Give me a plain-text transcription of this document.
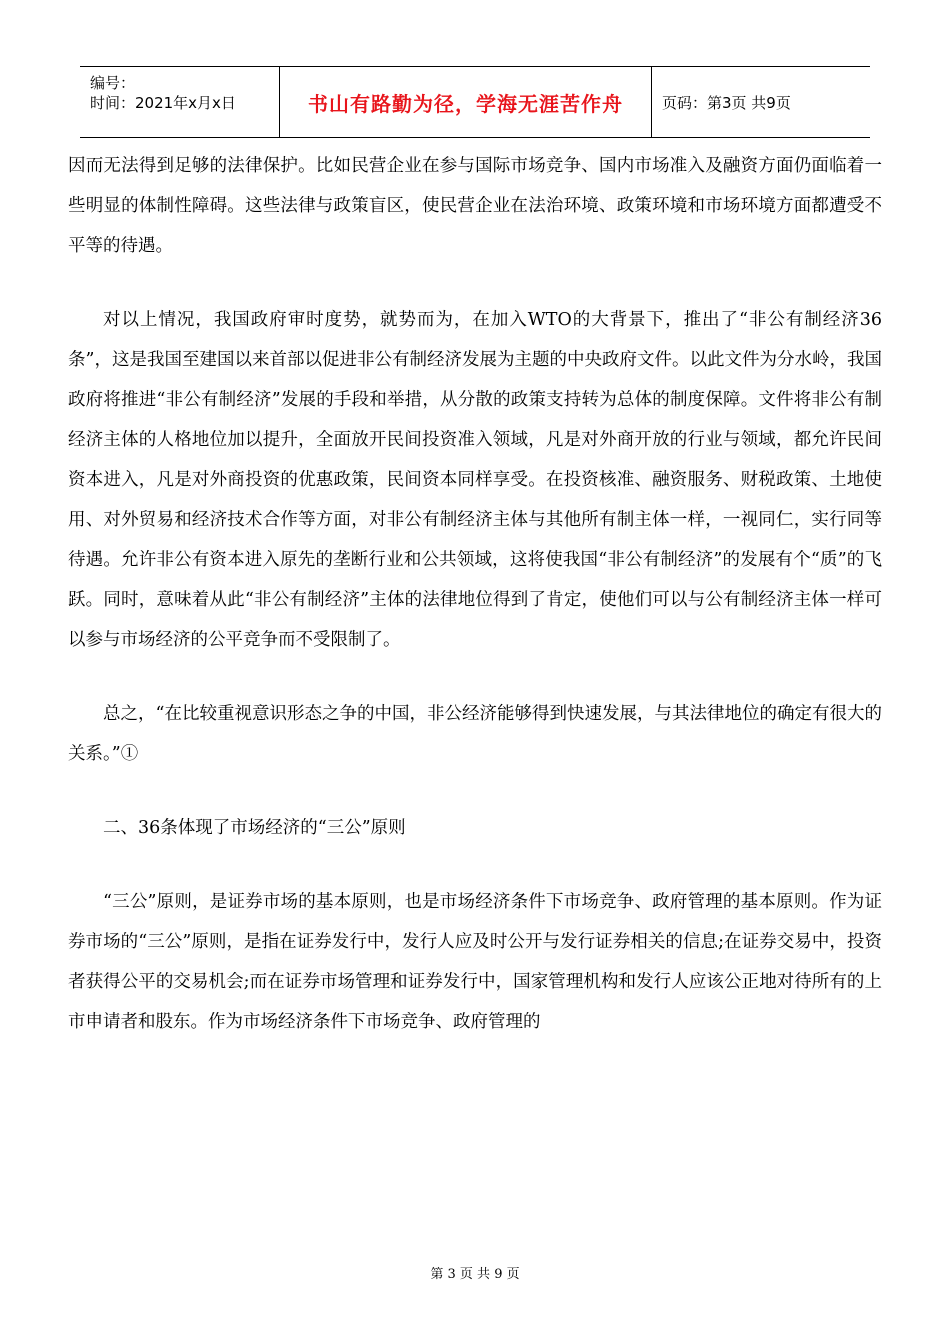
编号：
时间：2021年x月x日	书山有路勤为径，学海无涯苦作舟	页码：第3页 共9页

因而无法得到足够的法律保护。比如民营企业在参与国际市场竞争、国内市场准入及融资方面仍面临着一些明显的体制性障碍。这些法律与政策盲区，使民营企业在法治环境、政策环境和市场环境方面都遭受不平等的待遇。

对以上情况，我国政府审时度势，就势而为，在加入WTO的大背景下，推出了“非公有制经济36条”，这是我国至建国以来首部以促进非公有制经济发展为主题的中央政府文件。以此文件为分水岭，我国政府将推进“非公有制经济”发展的手段和举措，从分散的政策支持转为总体的制度保障。文件将非公有制经济主体的人格地位加以提升，全面放开民间投资准入领域，凡是对外商开放的行业与领域，都允许民间资本进入，凡是对外商投资的优惠政策，民间资本同样享受。在投资核准、融资服务、财税政策、土地使用、对外贸易和经济技术合作等方面，对非公有制经济主体与其他所有制主体一样，一视同仁，实行同等待遇。允许非公有资本进入原先的垄断行业和公共领域，这将使我国“非公有制经济”的发展有个“质”的飞跃。同时，意味着从此“非公有制经济”主体的法律地位得到了肯定，使他们可以与公有制经济主体一样可以参与市场经济的公平竞争而不受限制了。

总之，“在比较重视意识形态之争的中国，非公经济能够得到快速发展，与其法律地位的确定有很大的关系。”①

二、36条体现了市场经济的“三公”原则

“三公”原则，是证券市场的基本原则，也是市场经济条件下市场竞争、政府管理的基本原则。作为证券市场的“三公”原则，是指在证券发行中，发行人应及时公开与发行证券相关的信息;在证券交易中，投资者获得公平的交易机会;而在证券市场管理和证券发行中，国家管理机构和发行人应该公正地对待所有的上市申请者和股东。作为市场经济条件下市场竞争、政府管理的

第 3 页 共 9 页
